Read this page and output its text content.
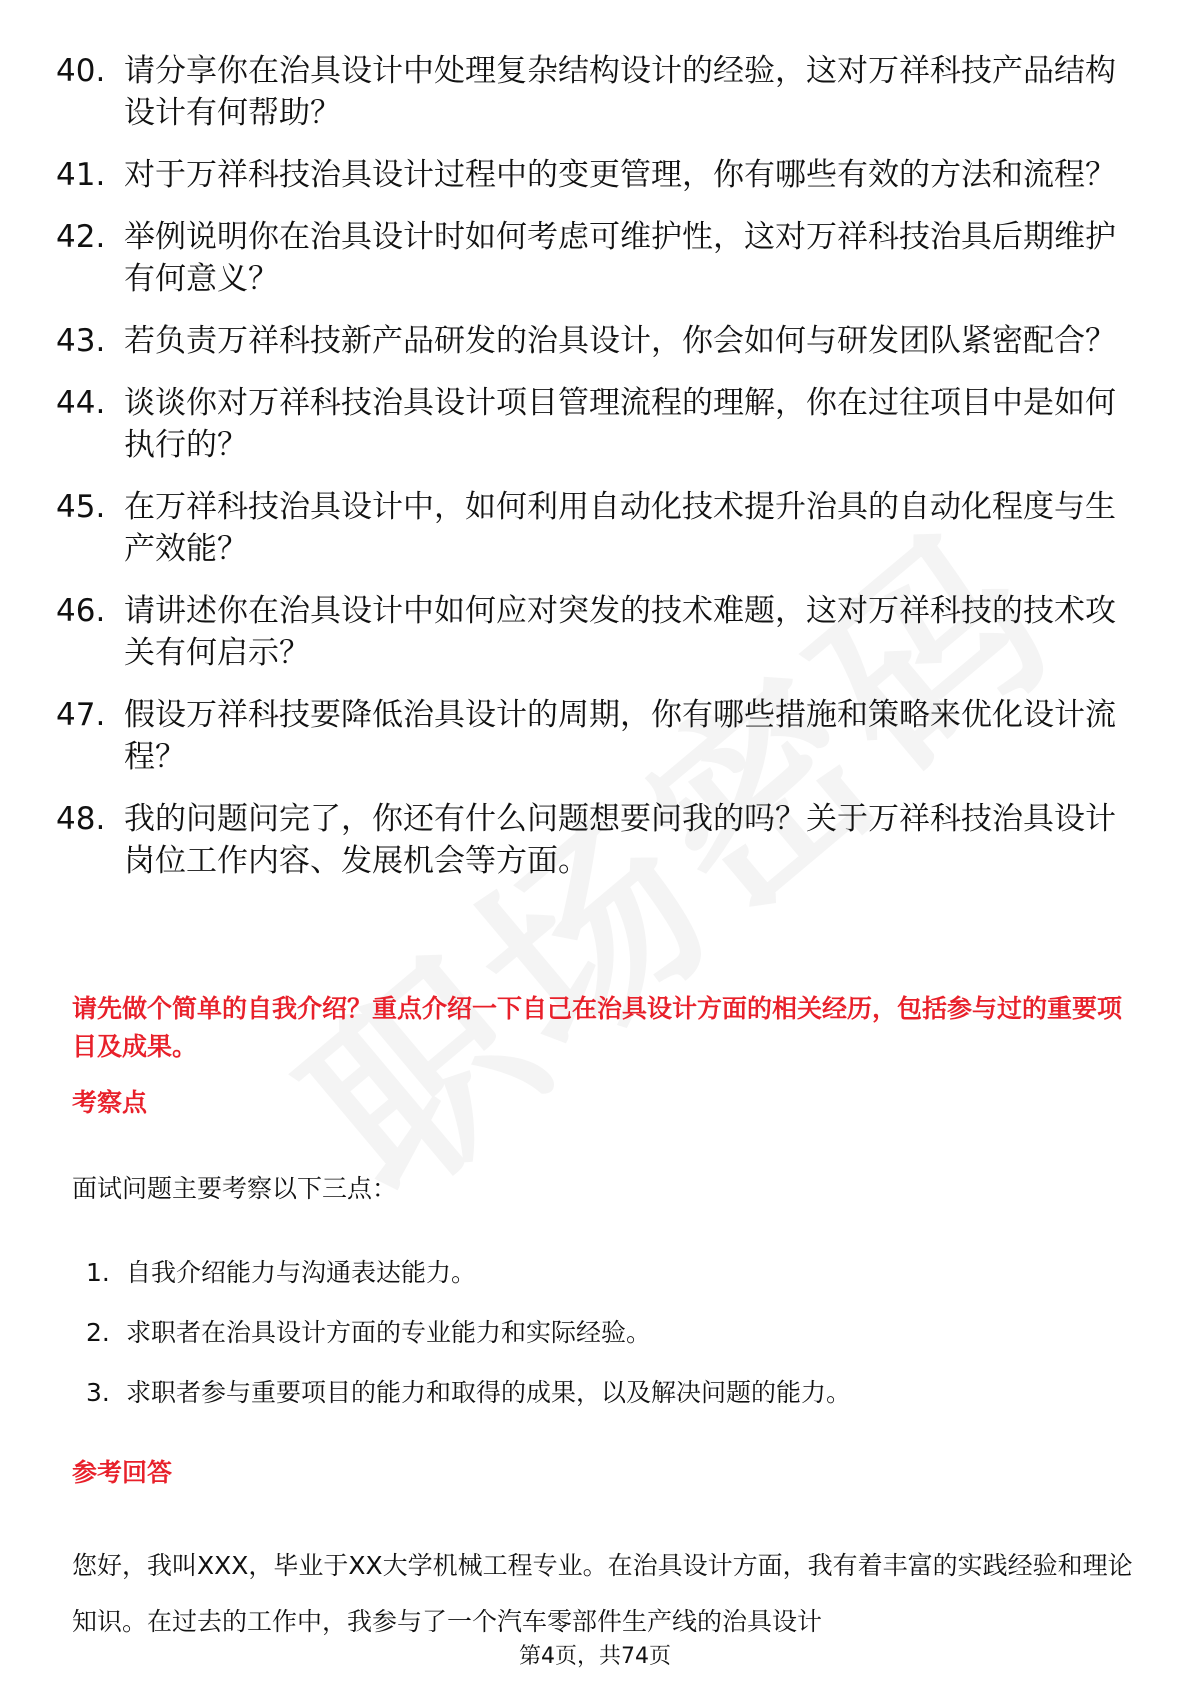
40. 请分享你在治具设计中处理复杂结构设计的经验，这对万祥科技产品结构设计有何帮助？
41. 对于万祥科技治具设计过程中的变更管理，你有哪些有效的方法和流程？
42. 举例说明你在治具设计时如何考虑可维护性，这对万祥科技治具后期维护有何意义？
43. 若负责万祥科技新产品研发的治具设计，你会如何与研发团队紧密配合？
44. 谈谈你对万祥科技治具设计项目管理流程的理解，你在过往项目中是如何执行的？
45. 在万祥科技治具设计中，如何利用自动化技术提升治具的自动化程度与生产效能？
46. 请讲述你在治具设计中如何应对突发的技术难题，这对万祥科技的技术攻关有何启示？
47. 假设万祥科技要降低治具设计的周期，你有哪些措施和策略来优化设计流程？
48. 我的问题问完了，你还有什么问题想要问我的吗？关于万祥科技治具设计岗位工作内容、发展机会等方面。

请先做个简单的自我介绍？重点介绍一下自己在治具设计方面的相关经历，包括参与过的重要项目及成果。

考察点

面试问题主要考察以下三点：

1. 自我介绍能力与沟通表达能力。
2. 求职者在治具设计方面的专业能力和实际经验。
3. 求职者参与重要项目的能力和取得的成果，以及解决问题的能力。
参考回答

您好，我叫XXX，毕业于XX大学机械工程专业。在治具设计方面，我有着丰富的实践经验和理论知识。在过去的工作中，我参与了一个汽车零部件生产线的治具设计

第4页，共74页
